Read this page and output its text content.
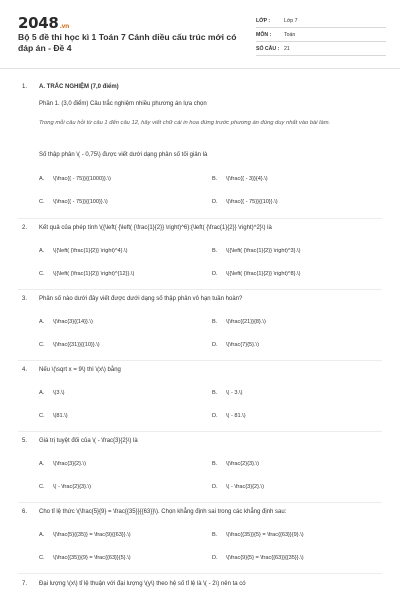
2048.vn
Bộ 5 đề thi học kì 1 Toán 7 Cánh diều cấu trúc mới có đáp án - Đề 4
LỚP :	Lớp 7
MÔN :	Toán
SỐ CÂU : 21
1.	A. TRẮC NGHIỆM (7,0 điểm)
Phần 1. (3,0 điểm) Câu trắc nghiệm nhiều phương án lựa chọn
Trong mỗi câu hỏi từ câu 1 đến câu 12, hãy viết chữ cái in hoa đứng trước phương án đúng duy nhất vào bài làm.
Số thập phân \( - 0,75\) được viết dưới dạng phân số tối giản là
A. \(\frac{{ - 75}}{{1000}}.\)	B. \(\frac{{ - 3}}{4}.\)
C. \(\frac{{ - 75}}{{100}}.\)	D. \(\frac{{ - 75}}{{10}}.\)
2.	Kết quả của phép tính \({\left( {\left( {\frac{1}{2}} \right)^6}:{\left( {\frac{1}{2}} \right)^2}\) là
A. \({\left( {\frac{1}{2}} \right)^4}.\)	B. \({\left( {\frac{1}{2}} \right)^3}.\)
C. \({\left( {\frac{1}{2}} \right)^{12}}.\)	D. \({\left( {\frac{1}{2}} \right)^8}.\)
3.	Phân số nào dưới đây viết được dưới dạng số thập phân vô hạn tuần hoàn?
A. \(\frac{3}{{14}}.\)	B. \(\frac{{21}}{8}.\)
C. \(\frac{{31}}{{10}}.\)	D. \(\frac{7}{5}.\)
4.	Nếu \(\sqrt x = 9\) thì \(x\) bằng
A. \(3.\)	B. \( - 3.\)
C. \(81.\)	D. \( - 81.\)
5.	Giá trị tuyệt đối của \( - \frac{3}{2}\) là
A. \(\frac{3}{2}.\)	B. \(\frac{2}{3}.\)
C. \( - \frac{2}{3}.\)	D. \( - \frac{3}{2}.\)
6.	Cho tỉ lệ thức \(\frac{5}{9} = \frac{{35}}{{63}}\). Chọn khẳng định sai trong các khẳng định sau:
A. \(\frac{5}{{35}} = \frac{9}{{63}}.\)	B. \(\frac{{35}}{5} = \frac{{63}}{9}.\)
C. \(\frac{{35}}{9} = \frac{{63}}{5}.\)	D. \(\frac{9}{5} = \frac{{63}}{{35}}.\)
7.	Đại lượng \(x\) tỉ lệ thuận với đại lượng \(y\) theo hệ số tỉ lệ là \( - 2\) nên ta có
